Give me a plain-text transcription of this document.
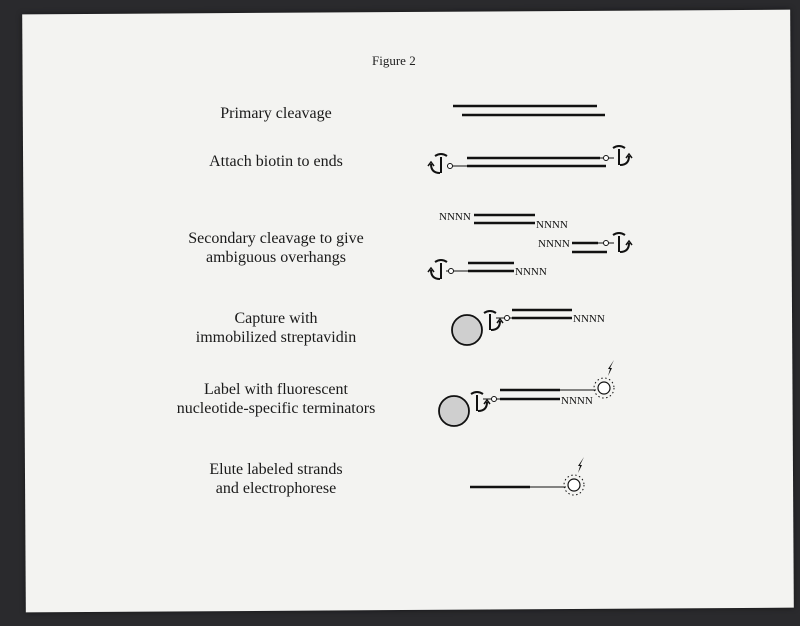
Figure 2
Primary cleavage
Attach biotin to ends
Secondary cleavage to give
ambiguous overhangs
Capture with
immobilized streptavidin
Label with fluorescent
nucleotide-specific terminators
Elute labeled strands
and electrophorese
NNNN
NNNN
NNNN
NNNN
NNNN
NNNN
